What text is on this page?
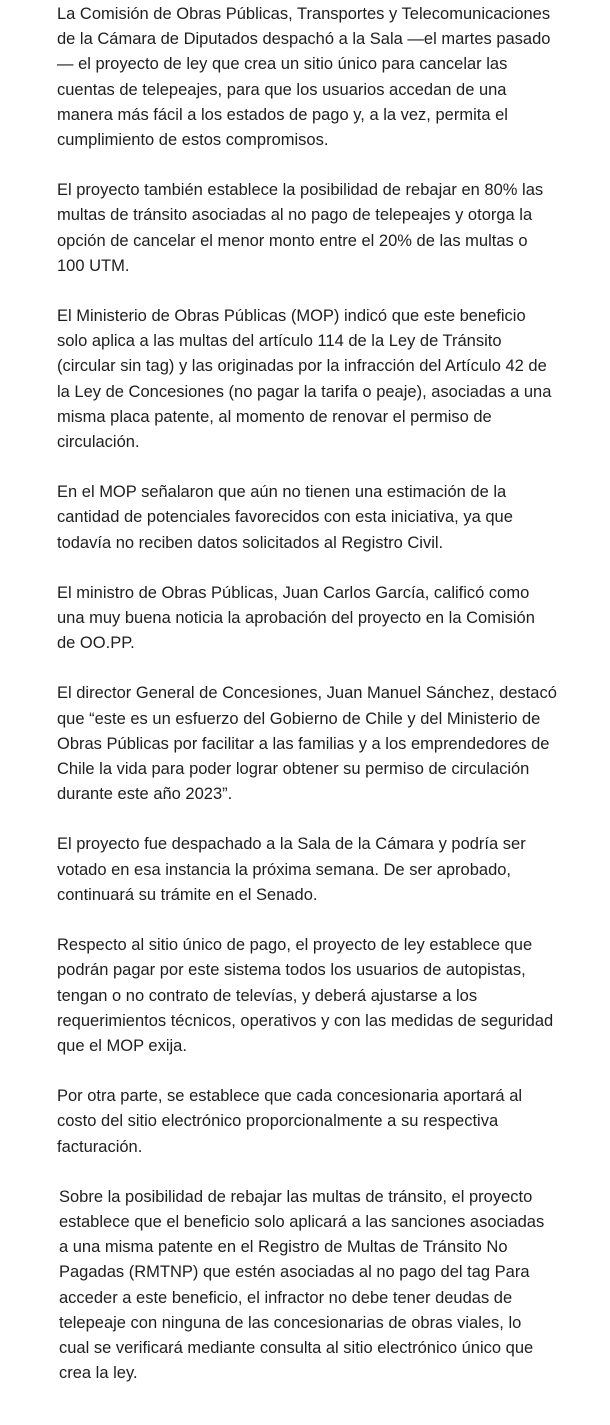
La Comisión de Obras Públicas, Transportes y Telecomunicaciones de la Cámara de Diputados despachó a la Sala —el martes pasado— el proyecto de ley que crea un sitio único para cancelar las cuentas de telepeajes, para que los usuarios accedan de una manera más fácil a los estados de pago y, a la vez, permita el cumplimiento de estos compromisos.

El proyecto también establece la posibilidad de rebajar en 80% las multas de tránsito asociadas al no pago de telepeajes y otorga la opción de cancelar el menor monto entre el 20% de las multas o 100 UTM.

El Ministerio de Obras Públicas (MOP) indicó que este beneficio solo aplica a las multas del artículo 114 de la Ley de Tránsito (circular sin tag) y las originadas por la infracción del Artículo 42 de la Ley de Concesiones (no pagar la tarifa o peaje), asociadas a una misma placa patente, al momento de renovar el permiso de circulación.

En el MOP señalaron que aún no tienen una estimación de la cantidad de potenciales favorecidos con esta iniciativa, ya que todavía no reciben datos solicitados al Registro Civil.

El ministro de Obras Públicas, Juan Carlos García, calificó como una muy buena noticia la aprobación del proyecto en la Comisión de OO.PP.

El director General de Concesiones, Juan Manuel Sánchez, destacó que “este es un esfuerzo del Gobierno de Chile y del Ministerio de Obras Públicas por facilitar a las familias y a los emprendedores de Chile la vida para poder lograr obtener su permiso de circulación durante este año 2023”.

El proyecto fue despachado a la Sala de la Cámara y podría ser votado en esa instancia la próxima semana. De ser aprobado, continuará su trámite en el Senado.

Respecto al sitio único de pago, el proyecto de ley establece que podrán pagar por este sistema todos los usuarios de autopistas, tengan o no contrato de televías, y deberá ajustarse a los requerimientos técnicos, operativos y con las medidas de seguridad que el MOP exija.

Por otra parte, se establece que cada concesionaria aportará al costo del sitio electrónico proporcionalmente a su respectiva facturación.

Sobre la posibilidad de rebajar las multas de tránsito, el proyecto establece que el beneficio solo aplicará a las sanciones asociadas a una misma patente en el Registro de Multas de Tránsito No Pagadas (RMTNP) que estén asociadas al no pago del tag Para acceder a este beneficio, el infractor no debe tener deudas de telepeaje con ninguna de las concesionarias de obras viales, lo cual se verificará mediante consulta al sitio electrónico único que crea la ley.
